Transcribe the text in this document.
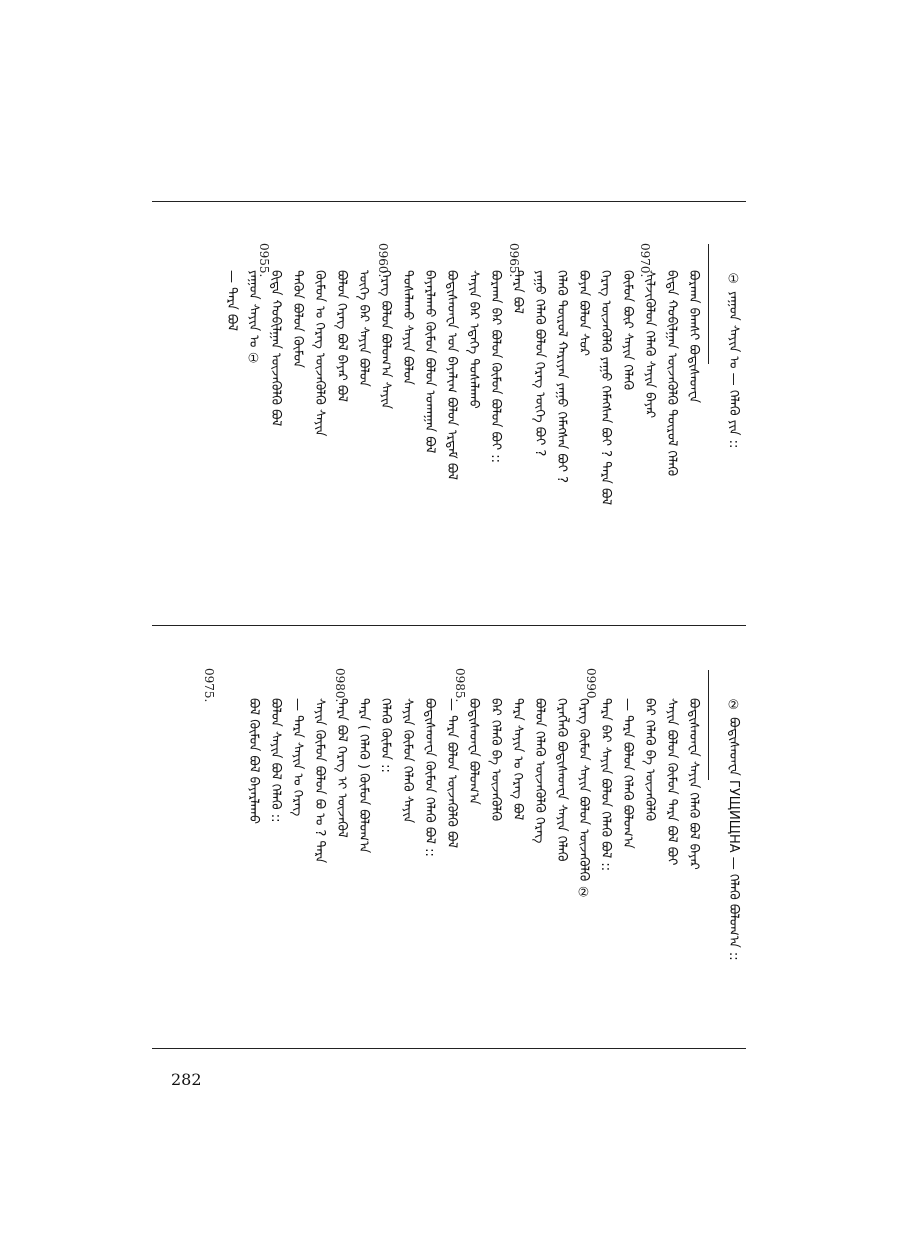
① ᠶᠠᠭᠤᠨ ᠰᠠᠶᠢᠨ ᠤ — ᠬᠡᠯᠡᠬᠦ ᠶᠢᠨ ::
ᠪᠣᠷᠬᠠᠨ ᠪᠠᠭᠰᠢ ᠪᠣᠳᠢᠰᠠᠳᠸᠠ
ᠪᠢᠳᠡ ᠬᠤᠪᠢᠯᠭᠠᠨ ᠦᠵᠡᠭᠦᠯᠬᠦ ᠲᠥᠷᠥᠯ ᠬᠡᠯᠡᠬᠦ
0970.
ᠰᠢᠯᠵᠢᠭᠦᠯᠦᠨ ᠬᠡᠯᠡᠬᠦ ᠰᠠᠶᠢᠨ ᠪᠠᠶᠠᠷ
ᠬᠦᠮᠦᠨ ᠪᠦᠷ ᠰᠠᠶᠢᠨ ᠬᠡᠯᠡᠬᠦ
ᠬᠡᠷᠡᠭ ᠦᠵᠡᠭᠦᠯᠬᠦ ᠶᠠᠭᠤ ᠬᠡᠮᠡᠭᠰᠡᠨ ᠪᠣᠢ ? ᠲᠡᠷᠡ ᠪᠣᠯ
ᠪᠤᠶᠠᠨ ᠪᠣᠯᠤᠨ ᠰᠤᠷ
ᠬᠡᠯᠡᠬᠦ ᠲᠥᠷᠥᠯ ᠬᠠᠷᠢᠶᠠᠨ ᠶᠠᠭᠤ ᠬᠡᠮᠡᠭᠰᠡᠨ ᠪᠣᠢ ?
0965.
ᠶᠠᠭᠤ ᠬᠡᠯᠡᠬᠦ ᠪᠣᠯᠤᠨ ᠬᠡᠷᠡᠭ ᠦᠭᠡ ᠪᠣᠢ ?
ᠲᠡᠷᠡ ᠪᠣᠯ
ᠪᠣᠷᠬᠠᠨ ᠪᠡᠷ ᠪᠣᠯᠤᠨ ᠬᠦᠮᠦᠨ ᠪᠣᠯᠤᠨ ᠪᠣᠢ ::
ᠰᠠᠶᠢᠨ ᠪᠡᠷ ᠡᠳᠡᠭᠡ ᠲᠤᠰᠠᠯᠠᠬᠤ
ᠪᠣᠳᠢᠰᠠᠳᠸᠠ ᠤᠨ ᠪᠠᠶᠠᠯᠢᠭ ᠪᠣᠯᠤᠨ ᠡᠷᠳᠡᠮ ᠪᠣᠯ
0960.
ᠪᠠᠶᠠᠷᠯᠠᠬᠤ ᠬᠦᠮᠦᠨ ᠪᠣᠯᠤᠨ ᠤᠬᠠᠭᠠᠨ ᠪᠣᠯ
ᠲᠤᠰᠠᠯᠠᠬᠤ ᠰᠠᠶᠢᠨ ᠪᠣᠯᠤᠨ
ᠬᠡᠷᠡᠭ ᠪᠣᠯᠤᠨ ᠪᠣᠯᠤᠭ᠎ᠠ ᠰᠠᠶᠢᠨ
ᠦᠭᠡ ᠪᠡᠷ ᠰᠠᠶᠢᠨ ᠪᠣᠯᠤᠨ
ᠪᠣᠯᠤᠨ ᠬᠡᠷᠡᠭ ᠪᠣᠯ ᠪᠠᠶᠠᠷ ᠪᠣᠯ
0955.
ᠬᠦᠮᠦᠨ ᠤ ᠬᠡᠷᠡᠭ ᠦᠵᠡᠭᠦᠯᠬᠦ ᠰᠠᠶᠢᠨ
ᠲᠡᠭᠦᠨ ᠪᠣᠯᠤᠨ ᠬᠦᠮᠦᠨ
ᠪᠢᠳᠡ ᠬᠤᠪᠢᠯᠭᠠᠨ ᠦᠵᠡᠭᠦᠯᠬᠦ ᠪᠣᠯ
ᠶᠠᠭᠤᠨ ᠰᠠᠶᠢᠨ ᠤ ①
— ᠲᠡᠷᠡ ᠪᠣᠯ
② ᠪᠣᠳᠢᠰᠠᠳᠸᠠ ГУЩИЩНА — ᠬᠡᠯᠡᠬᠦ ᠪᠣᠯᠤᠭ᠎ᠠ ::
ᠪᠣᠳᠢᠰᠠᠳᠸᠠ ᠰᠠᠶᠢᠨ ᠬᠡᠯᠡᠬᠦ ᠪᠣᠯ ᠪᠠᠶᠠᠷ
ᠰᠠᠶᠢᠨ ᠪᠣᠯᠤᠨ ᠬᠦᠮᠦᠨ ᠲᠡᠷᠡ ᠪᠣᠯ ᠪᠣᠢ
ᠪᠡᠷ ᠬᠡᠯᠡᠬᠦ ᠪᠠ ᠦᠵᠡᠭᠦᠯᠬᠦ
— ᠲᠡᠷᠡ ᠪᠣᠯᠤᠨ ᠬᠡᠯᠡᠬᠦ ᠪᠣᠯᠤᠭ᠎ᠠ
0990.
ᠲᠡᠷᠡ ᠪᠡᠷ ᠰᠠᠶᠢᠨ ᠪᠣᠯᠤᠨ ᠬᠡᠯᠡᠬᠦ ᠪᠣᠯ ::
ᠬᠡᠷᠡᠭ ᠬᠦᠮᠦᠨ ᠰᠠᠶᠢᠨ ᠪᠣᠯᠤᠨ ᠦᠵᠡᠭᠦᠯᠬᠦ ②
ᠬᠡᠷᠡᠭᠯᠡᠬᠦ ᠪᠣᠳᠢᠰᠠᠳᠸᠠ ᠰᠠᠶᠢᠨ ᠬᠡᠯᠡᠬᠦ
ᠪᠣᠯᠤᠨ ᠬᠡᠯᠡᠬᠦ ᠦᠵᠡᠭᠦᠯᠬᠦ ᠬᠡᠷᠡᠭ
0985.
ᠲᠡᠷᠡ ᠰᠠᠶᠢᠨ ᠤ ᠬᠡᠷᠡᠭ ᠪᠣᠯ
ᠪᠡᠷ ᠬᠡᠯᠡᠬᠦ ᠪᠠ ᠦᠵᠡᠭᠦᠯᠬᠦ
ᠪᠣᠳᠢᠰᠠᠳᠸᠠ ᠪᠣᠯᠤᠭ᠎ᠠ
— ᠲᠡᠷᠡ ᠪᠣᠯᠤᠨ ᠦᠵᠡᠭᠦᠯᠬᠦ ᠪᠣᠯ
ᠪᠣᠳᠢᠰᠠᠳᠸᠠ ᠬᠦᠮᠦᠨ ᠬᠡᠯᠡᠬᠦ ᠪᠣᠯ ::
0980.
ᠰᠠᠶᠢᠨ ᠬᠦᠮᠦᠨ ᠬᠡᠯᠡᠬᠦ ᠰᠠᠶᠢᠨ
ᠬᠡᠯᠡᠬᠦ ᠬᠦᠮᠦᠨ ::
ᠲᠡᠷᠡ ( ᠬᠡᠯᠡᠬᠦ ) ᠬᠦᠮᠦᠨ ᠪᠣᠯᠤᠭ᠎ᠠ
ᠲᠡᠷᠡ ᠪᠣᠯ ᠬᠡᠷᠡᠭ ᠢ ᠦᠵᠡᠭᠦᠯ
ᠰᠠᠶᠢᠨ ᠬᠦᠮᠦᠨ ᠪᠣᠯᠤᠨ ᠪᠣ ᠤ ? ᠲᠡᠷᠡ
0975.
— ᠲᠡᠷᠡ ᠰᠠᠶᠢᠨ ᠤ ᠬᠡᠷᠡᠭ
ᠪᠣᠯᠤᠨ ᠰᠠᠶᠢᠨ ᠪᠣᠯ ᠬᠡᠯᠡᠬᠦ ::
ᠪᠣᠯ ᠬᠦᠮᠦᠨ ᠪᠣᠯ ᠪᠠᠶᠠᠷᠯᠠᠬᠤ
282
